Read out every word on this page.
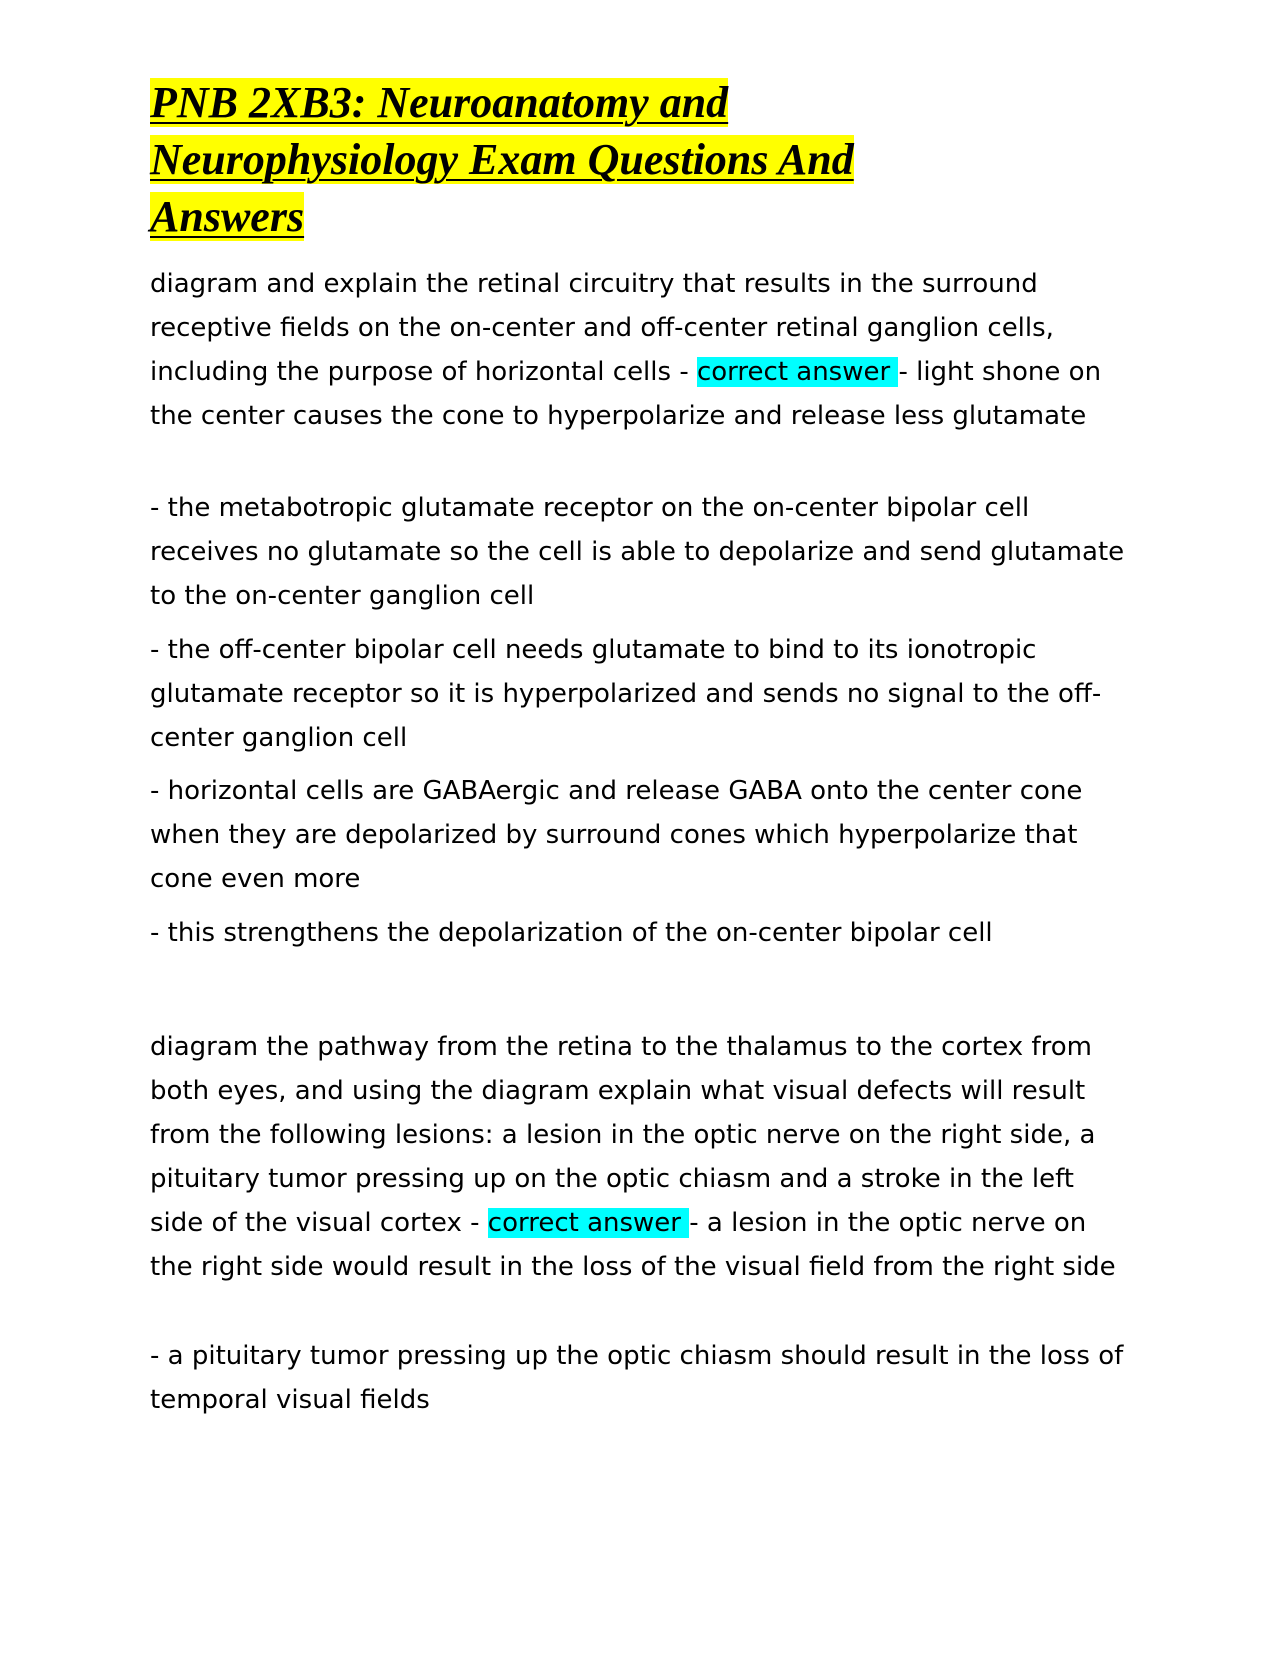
PNB 2XB3: Neuroanatomy and
Neurophysiology Exam Questions And
Answers

diagram and explain the retinal circuitry that results in the surround receptive fields on the on-center and off-center retinal ganglion cells, including the purpose of horizontal cells - correct answer - light shone on the center causes the cone to hyperpolarize and release less glutamate

- the metabotropic glutamate receptor on the on-center bipolar cell receives no glutamate so the cell is able to depolarize and send glutamate to the on-center ganglion cell

- the off-center bipolar cell needs glutamate to bind to its ionotropic glutamate receptor so it is hyperpolarized and sends no signal to the off-center ganglion cell

- horizontal cells are GABAergic and release GABA onto the center cone when they are depolarized by surround cones which hyperpolarize that cone even more

- this strengthens the depolarization of the on-center bipolar cell

diagram the pathway from the retina to the thalamus to the cortex from both eyes, and using the diagram explain what visual defects will result from the following lesions: a lesion in the optic nerve on the right side, a pituitary tumor pressing up on the optic chiasm and a stroke in the left side of the visual cortex - correct answer - a lesion in the optic nerve on the right side would result in the loss of the visual field from the right side

- a pituitary tumor pressing up the optic chiasm should result in the loss of temporal visual fields
